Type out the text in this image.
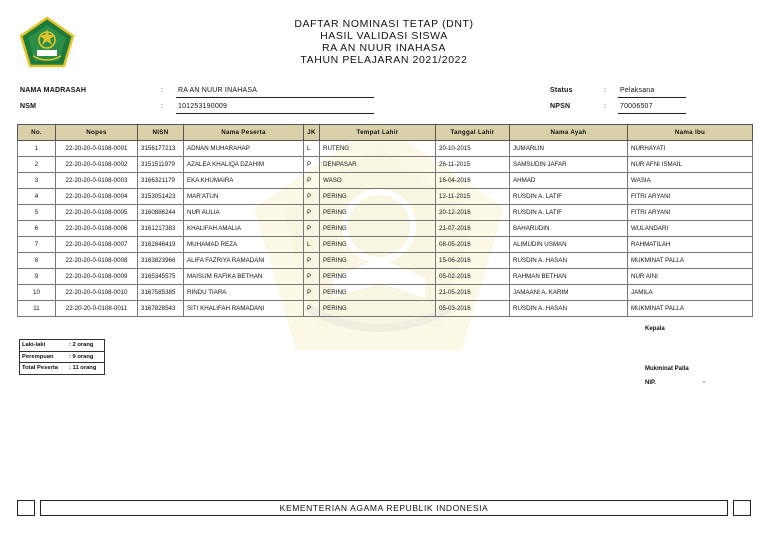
DAFTAR NOMINASI TETAP (DNT)
HASIL VALIDASI SISWA
RA AN NUUR INAHASA
TAHUN PELAJARAN 2021/2022
NAMA MADRASAH	: RA AN NUUR INAHASA
NSM	: 101253190009
Status	: Pelaksana
NPSN	: 70006507
No.	Nopes	NISN	Nama Peserta	JK	Tempat Lahir	Tanggal Lahir	Nama Ayah	Nama Ibu
1	22-20-20-0-0108-0001	3156177213	ADNAN MUHARAHAP	L	RUTENG	20-10-2015	JUMARLIN	NURHAYATI
2	22-20-20-0-0108-0002	3151511979	AZALEA KHALIQA DZAHIM	P	DENPASAR	26-11-2015	SAMSUDIN JAFAR	NUR AFNI ISMAIL
3	22-20-20-0-0108-0003	3166321179	EKA KHUMAIRA	P	WASO	16-04-2016	AHMAD	WASIA
4	22-20-20-0-0108-0004	3153051423	MAR'ATUN	P	PERING	12-11-2015	RUSDIN A. LATIF	FITRI ARYANI
5	22-20-20-0-0108-0005	3160886244	NUR AULIA	P	PERING	20-12-2016	RUSDIN A. LATIF	FITRI ARYANI
6	22-20-20-0-0108-0006	3161217383	KHALIFAH AMALIA	P	PERING	21-07-2016	BAHARUDIN	WULANDARI
7	22-20-20-0-0108-0007	3162846419	MUHAMAD REZA	L	PERING	08-05-2016	ALIMUDIN USMAN	RAHMATILAH
8	22-20-20-0-0108-0008	3163823966	ALIFA FAZRIYA RAMADANI	P	PERING	15-06-2016	RUSDIN A. HASAN	MUKMINAT PALLA
9	22-20-20-0-0108-0009	3165345575	MAISUM RAFIKA BETHAN	P	PERING	05-02-2016	RAHMAN BETHAN	NUR AINI
10	22-20-20-0-0108-0010	3167585385	RINDU TIARA	P	PERING	21-05-2016	JAMAANI A. KARIM	JAMILA
11	22-20-20-0-0108-0011	3167828543	SITI KHALIFAH RAMADANI	P	PERING	05-03-2016	RUSDIN A. HASAN	MUKMINAT PALLA
Laki-laki	: 2 orang
Perempuan	: 9 orang
Total Peserta : 11 orang
Kepala
Mukminat Palla
NIP.	-
KEMENTERIAN AGAMA REPUBLIK INDONESIA
